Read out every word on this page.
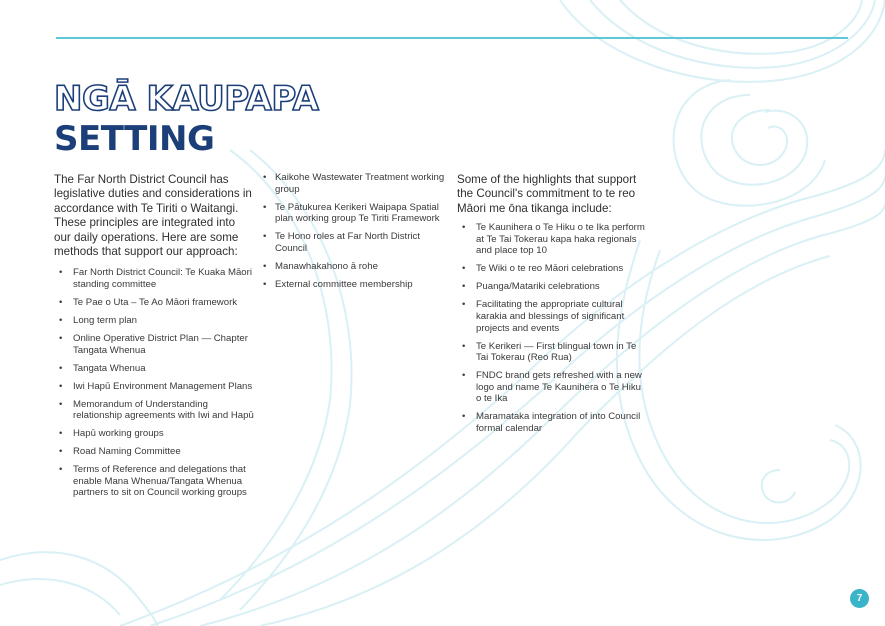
NGĀ KAUPAPA
SETTING

The Far North District Council has legislative duties and considerations in accordance with Te Tiriti o Waitangi. These principles are integrated into our daily operations. Here are some methods that support our approach:

• Far North District Council: Te Kuaka Māori standing committee
• Te Pae o Uta – Te Ao Māori framework
• Long term plan
• Online Operative District Plan — Chapter Tangata Whenua
• Tangata Whenua
• Iwi Hapū Environment Management Plans
• Memorandum of Understanding relationship agreements with Iwi and Hapū
• Hapū working groups
• Road Naming Committee
• Terms of Reference and delegations that enable Mana Whenua/Tangata Whenua partners to sit on Council working groups
• Kaikohe Wastewater Treatment working group
• Te Pātukurea Kerikeri Waipapa Spatial plan working group Te Tiriti Framework
• Te Hono roles at Far North District Council
• Manawhakahono ā rohe
• External committee membership

Some of the highlights that support the Council's commitment to te reo Māori me ōna tikanga include:

• Te Kaunihera o Te Hiku o te Ika perform at Te Tai Tokerau kapa haka regionals and place top 10
• Te Wiki o te reo Māori celebrations
• Puanga/Matariki celebrations
• Facilitating the appropriate cultural karakia and blessings of significant projects and events
• Te Kerikeri — First blingual town in Te Tai Tokerau (Reo Rua)
• FNDC brand gets refreshed with a new logo and name Te Kaunihera o Te Hiku o te Ika
• Maramataka integration of into Council formal calendar
7
